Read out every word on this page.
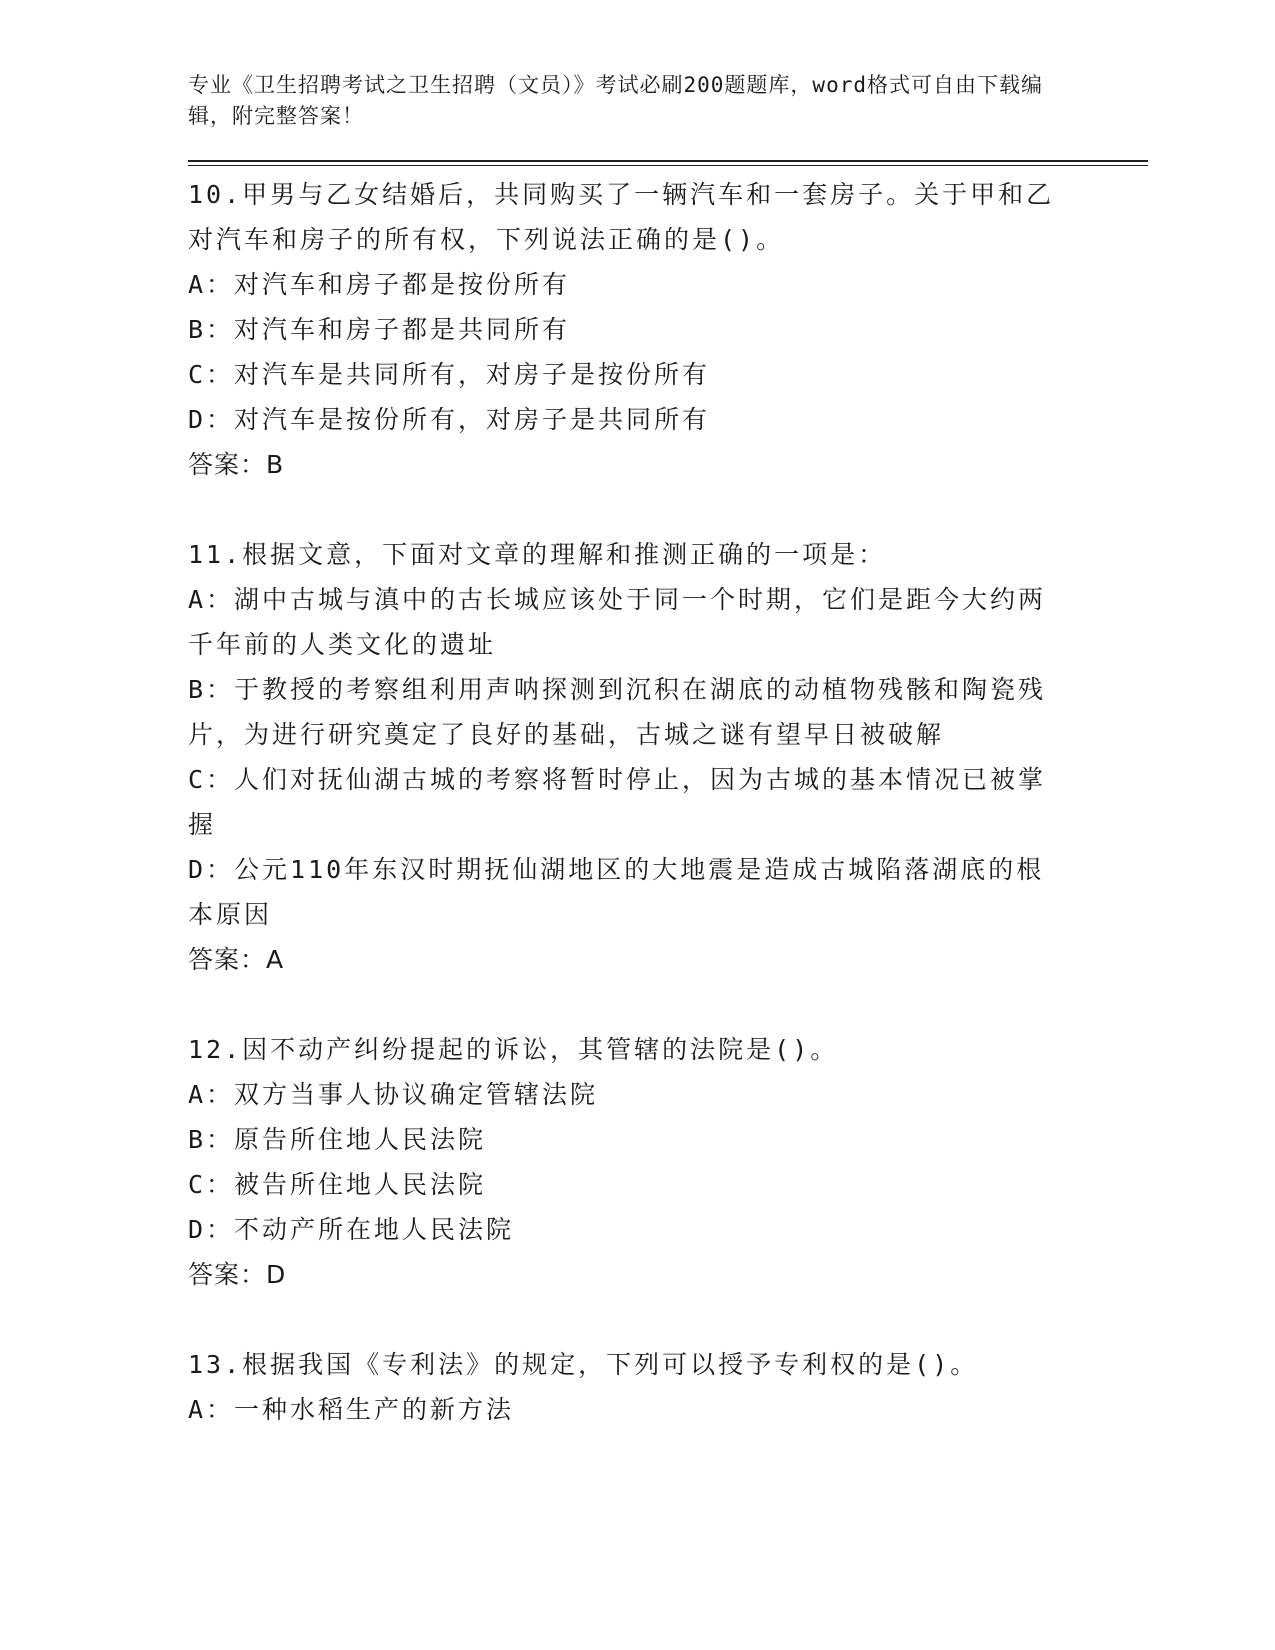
专业《卫生招聘考试之卫生招聘（文员）》考试必刷200题题库，word格式可自由下载编辑，附完整答案！

10.甲男与乙女结婚后，共同购买了一辆汽车和一套房子。关于甲和乙对汽车和房子的所有权，下列说法正确的是()。

A：对汽车和房子都是按份所有

B：对汽车和房子都是共同所有

C：对汽车是共同所有，对房子是按份所有

D：对汽车是按份所有，对房子是共同所有

答案：B

11.根据文意，下面对文章的理解和推测正确的一项是：

A：湖中古城与滇中的古长城应该处于同一个时期，它们是距今大约两千年前的人类文化的遗址

B：于教授的考察组利用声呐探测到沉积在湖底的动植物残骸和陶瓷残片，为进行研究奠定了良好的基础，古城之谜有望早日被破解

C：人们对抚仙湖古城的考察将暂时停止，因为古城的基本情况已被掌握

D：公元110年东汉时期抚仙湖地区的大地震是造成古城陷落湖底的根本原因

答案：A

12.因不动产纠纷提起的诉讼，其管辖的法院是()。

A：双方当事人协议确定管辖法院

B：原告所住地人民法院

C：被告所住地人民法院

D：不动产所在地人民法院

答案：D

13.根据我国《专利法》的规定，下列可以授予专利权的是()。

A：一种水稻生产的新方法
